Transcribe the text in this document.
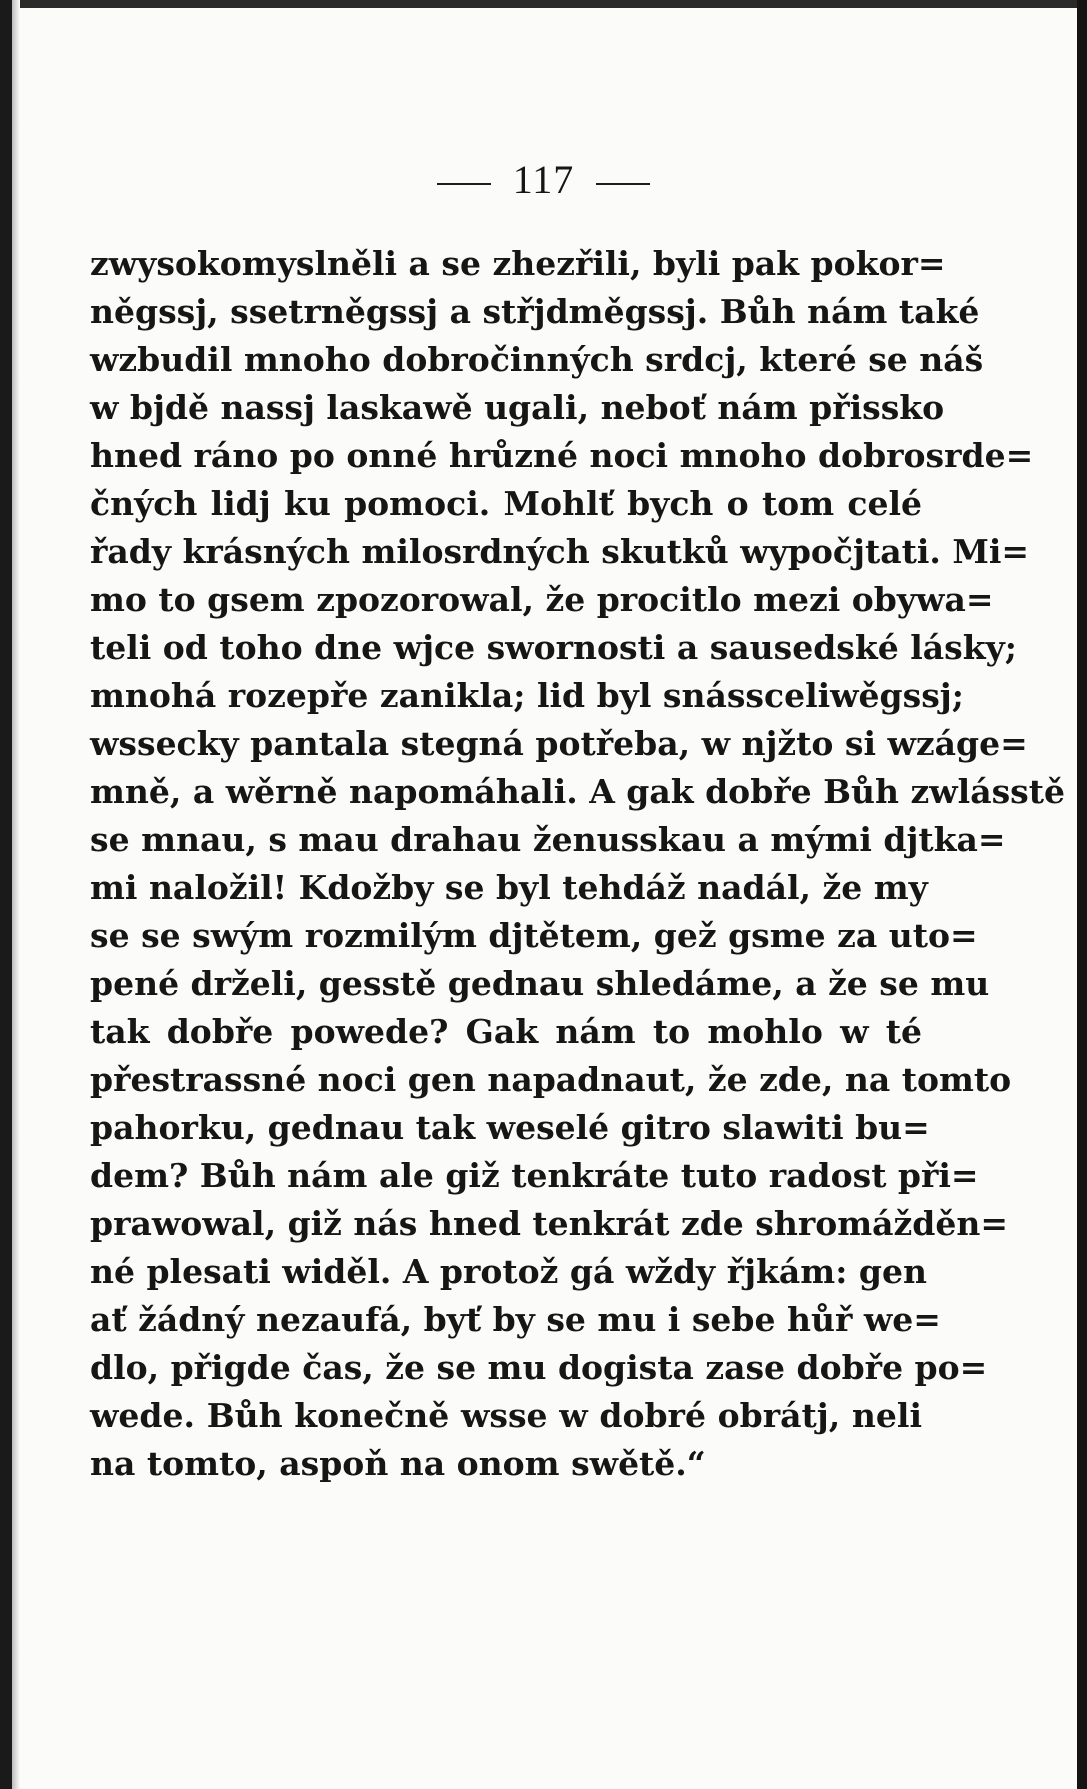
117
zwysokomyslněli a se zhezřili, byli pak pokor=
něgssj, ssetrněgssj a střjdměgssj. Bůh nám také
wzbudil mnoho dobročinných srdcj, které se náš
w bjdě nassj laskawě ugali, neboť nám přissko
hned ráno po onné hrůzné noci mnoho dobrosrde=
čných lidj ku pomoci. Mohlť bych o tom celé
řady krásných milosrdných skutků wypočjtati. Mi=
mo to gsem zpozorowal, že procitlo mezi obywa=
teli od toho dne wjce swornosti a sausedské lásky;
mnohá rozepře zanikla; lid byl snássceliwěgssj;
wssecky pantala stegná potřeba, w njžto si wzáge=
mně, a wěrně napomáhali. A gak dobře Bůh zwlásstě
se mnau, s mau drahau ženusskau a mými djtka=
mi naložil! Kdožby se byl tehdáž nadál, že my
se se swým rozmilým djtětem, gež gsme za uto=
pené drželi, gesstě gednau shledáme, a že se mu
tak dobře powede? Gak nám to mohlo w té
přestrassné noci gen napadnaut, že zde, na tomto
pahorku, gednau tak weselé gitro slawiti bu=
dem? Bůh nám ale giž tenkráte tuto radost při=
prawowal, giž nás hned tenkrát zde shromážděn=
né plesati widěl. A protož gá wždy řjkám: gen
ať žádný nezaufá, byť by se mu i sebe hůř we=
dlo, přigde čas, že se mu dogista zase dobře po=
wede. Bůh konečně wsse w dobré obrátj, neli
na tomto, aspoň na onom swětě.“
